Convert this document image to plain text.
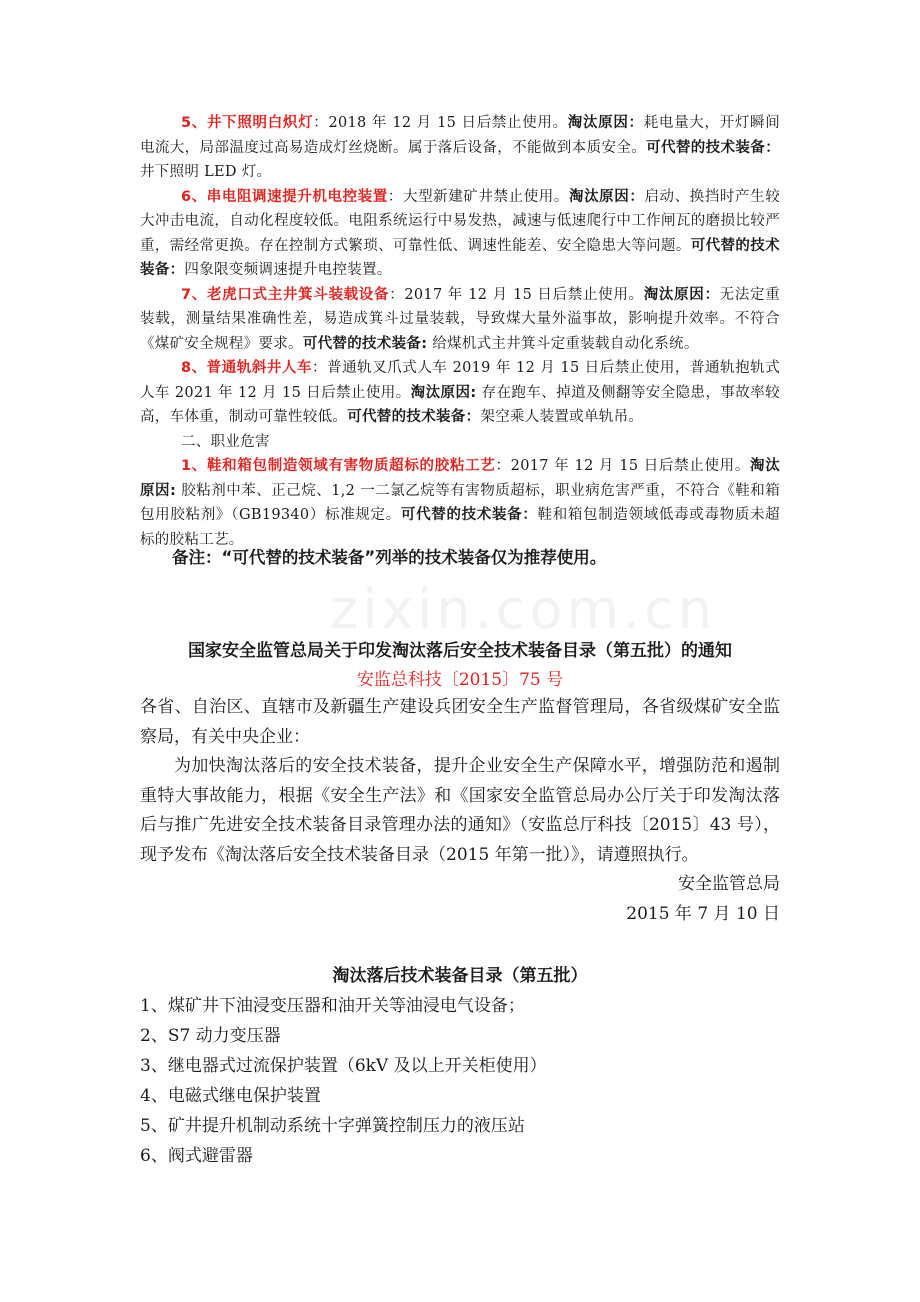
zixin.com.cn

5、井下照明白炽灯：2018 年 12 月 15 日后禁止使用。淘汰原因：耗电量大，开灯瞬间电流大，局部温度过高易造成灯丝烧断。属于落后设备，不能做到本质安全。可代替的技术装备：井下照明 LED 灯。

6、串电阻调速提升机电控装置：大型新建矿井禁止使用。淘汰原因：启动、换挡时产生较大冲击电流，自动化程度较低。电阻系统运行中易发热，减速与低速爬行中工作闸瓦的磨损比较严重，需经常更换。存在控制方式繁琐、可靠性低、调速性能差、安全隐患大等问题。可代替的技术装备：四象限变频调速提升电控装置。

7、老虎口式主井箕斗装载设备：2017 年 12 月 15 日后禁止使用。淘汰原因：无法定重装载，测量结果准确性差，易造成箕斗过量装载，导致煤大量外溢事故，影响提升效率。不符合《煤矿安全规程》要求。可代替的技术装备: 给煤机式主井箕斗定重装载自动化系统。

8、普通轨斜井人车：普通轨叉爪式人车 2019 年 12 月 15 日后禁止使用，普通轨抱轨式人车 2021 年 12 月 15 日后禁止使用。淘汰原因: 存在跑车、掉道及侧翻等安全隐患，事故率较高，车体重，制动可靠性较低。可代替的技术装备：架空乘人装置或单轨吊。

二、职业危害

1、鞋和箱包制造领域有害物质超标的胶粘工艺：2017 年 12 月 15 日后禁止使用。淘汰原因: 胶粘剂中苯、正己烷、1,2 一二氯乙烷等有害物质超标，职业病危害严重，不符合《鞋和箱包用胶粘剂》（GB19340）标准规定。可代替的技术装备：鞋和箱包制造领域低毒或毒物质未超标的胶粘工艺。

备注：“可代替的技术装备”列举的技术装备仅为推荐使用。

国家安全监管总局关于印发淘汰落后安全技术装备目录（第五批）的通知

安监总科技〔2015〕75 号

各省、自治区、直辖市及新疆生产建设兵团安全生产监督管理局，各省级煤矿安全监察局，有关中央企业：

为加快淘汰落后的安全技术装备，提升企业安全生产保障水平，增强防范和遏制重特大事故能力，根据《安全生产法》和《国家安全监管总局办公厅关于印发淘汰落后与推广先进安全技术装备目录管理办法的通知》（安监总厅科技〔2015〕43 号），现予发布《淘汰落后安全技术装备目录（2015 年第一批）》，请遵照执行。

安全监管总局

2015 年 7 月 10 日

淘汰落后技术装备目录（第五批）

1、煤矿井下油浸变压器和油开关等油浸电气设备；
2、S7 动力变压器
3、继电器式过流保护装置（6kV 及以上开关柜使用）
4、电磁式继电保护装置
5、矿井提升机制动系统十字弹簧控制压力的液压站
6、阀式避雷器
